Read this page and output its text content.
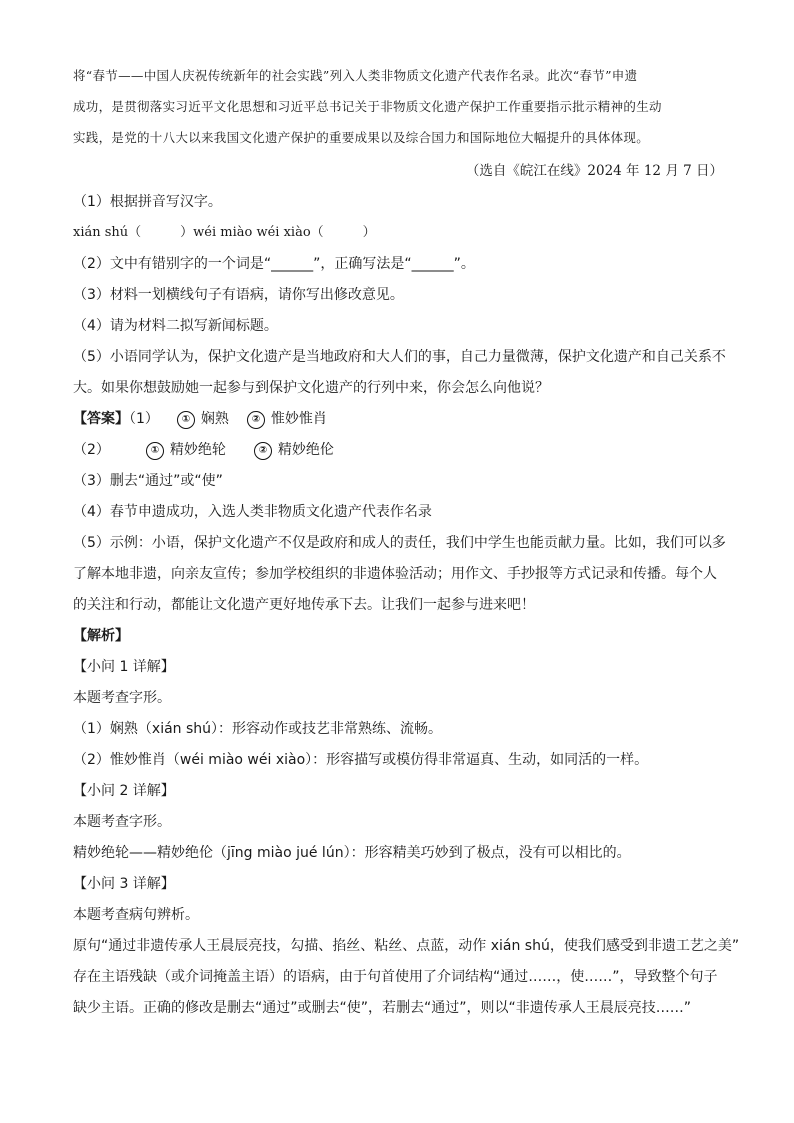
将“春节——中国人庆祝传统新年的社会实践”列入人类非物质文化遗产代表作名录。此次“春节”申遗
成功，是贯彻落实习近平文化思想和习近平总书记关于非物质文化遗产保护工作重要指示批示精神的生动
实践，是党的十八大以来我国文化遗产保护的重要成果以及综合国力和国际地位大幅提升的具体体现。
（选自《皖江在线》2024 年 12 月 7 日）
（1）根据拼音写汉字。
xián shú（　　　）wéi miào wéi xiào（　　　）
（2）文中有错别字的一个词是“______”，正确写法是“______”。
（3）材料一划横线句子有语病，请你写出修改意见。
（4）请为材料二拟写新闻标题。
（5）小语同学认为，保护文化遗产是当地政府和大人们的事，自己力量微薄，保护文化遗产和自己关系不
大。如果你想鼓励她一起参与到保护文化遗产的行列中来，你会怎么向他说？
【答案】（1） ① 娴熟 ② 惟妙惟肖
（2）	① 精妙绝轮	② 精妙绝伦
（3）删去“通过”或“使”
（4）春节申遗成功，入选人类非物质文化遗产代表作名录
（5）示例：小语，保护文化遗产不仅是政府和成人的责任，我们中学生也能贡献力量。比如，我们可以多
了解本地非遗，向亲友宣传；参加学校组织的非遗体验活动；用作文、手抄报等方式记录和传播。每个人
的关注和行动，都能让文化遗产更好地传承下去。让我们一起参与进来吧！
【解析】
【小问 1 详解】
本题考查字形。
（1）娴熟（xián shú）：形容动作或技艺非常熟练、流畅。
（2）惟妙惟肖（wéi miào wéi xiào）：形容描写或模仿得非常逼真、生动，如同活的一样。
【小问 2 详解】
本题考查字形。
精妙绝轮——精妙绝伦（jīng miào jué lún）：形容精美巧妙到了极点，没有可以相比的。
【小问 3 详解】
本题考查病句辨析。
原句“通过非遗传承人王晨辰亮技，勾描、掐丝、粘丝、点蓝，动作 xián shú，使我们感受到非遗工艺之美”
存在主语残缺（或介词掩盖主语）的语病，由于句首使用了介词结构“通过……，使……”，导致整个句子
缺少主语。正确的修改是删去“通过”或删去“使”，若删去“通过”，则以“非遗传承人王晨辰亮技……”
